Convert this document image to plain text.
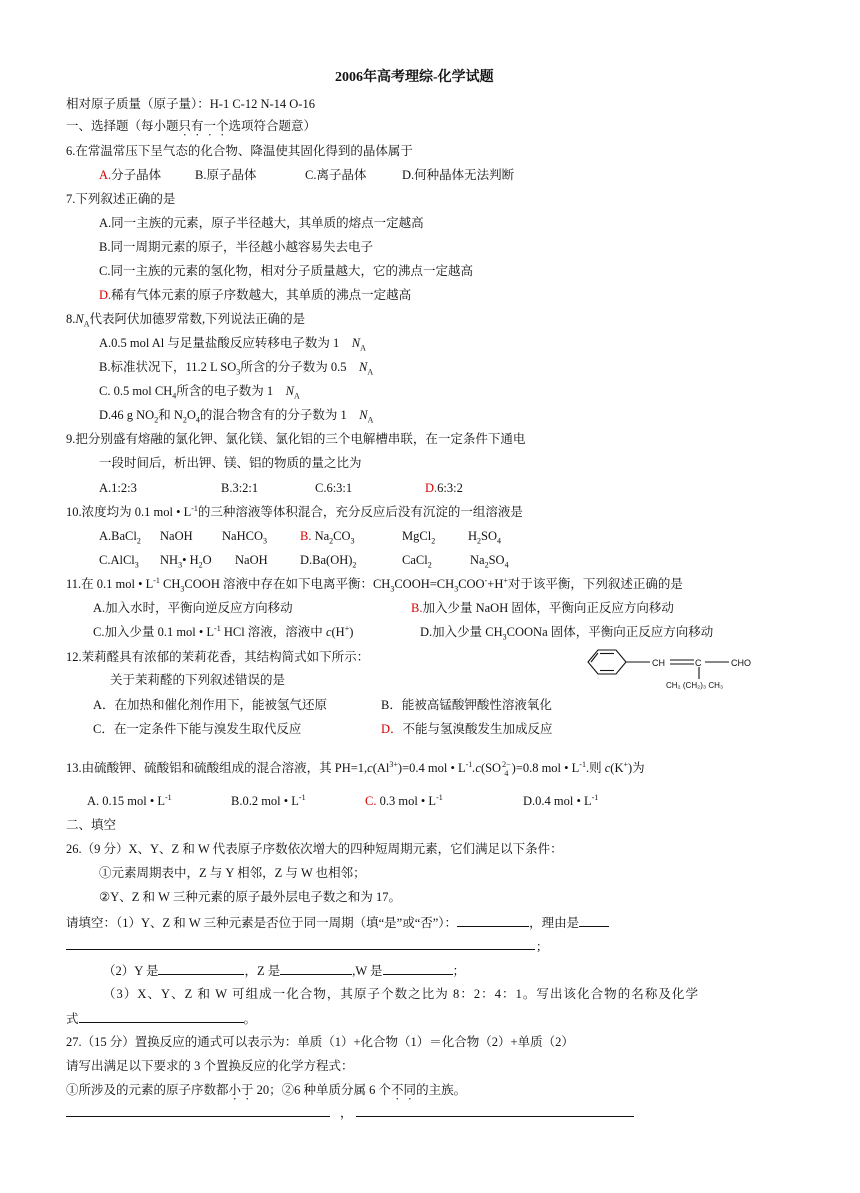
2006年高考理综-化学试题
相对原子质量（原子量）：H-1 C-12 N-14 O-16
一、选择题（每小题只有一个选项符合题意）
6.在常温常压下呈气态的化合物、降温使其固化得到的晶体属于
A.分子晶体	B.原子晶体	C.离子晶体	D.何种晶体无法判断
7.下列叙述正确的是
A.同一主族的元素，原子半径越大，其单质的熔点一定越高
B.同一周期元素的原子，半径越小越容易失去电子
C.同一主族的元素的氢化物，相对分子质量越大，它的沸点一定越高
D.稀有气体元素的原子序数越大，其单质的沸点一定越高
$8.N_A$代表阿伏加德罗常数,下列说法正确的是
A.0.5 mol Al 与足量盐酸反应转移电子数为 1 $N_A$
B.标准状况下，11.2 L $SO_3$所含的分子数为 0.5 $N_A$
C. 0.5 mol $CH_4$所含的电子数为 1 $N_A$
D.46 g $NO_2$和 $N_2O_4$的混合物含有的分子数为 1 $N_A$
9.把分别盛有熔融的氯化钾、氯化镁、氯化铝的三个电解槽串联，在一定条件下通电
一段时间后，析出钾、镁、铝的物质的量之比为
A.1:2:3	B.3:2:1	C.6:3:1	D.6:3:2
10.浓度均为 0.1 mol • $L^{-1}$的三种溶液等体积混合，充分反应后没有沉淀的一组溶液是
A.BaCl$_2$ NaOH NaHCO$_3$	B. $Na_2CO_3$	MgCl$_2$	$H_2SO_4$
C.AlCl$_3$ $NH_3•$ $H_2O$ NaOH	$D.Ba(OH)_2$	CaCl$_2$	$Na_2SO_4$
11.在 0.1 mol • $L^{-1}$ $CH_3COOH$ 溶液中存在如下电离平衡：$CH_3COOH=CH_3COO^-+H^+$对于该平衡，下列叙述正确的是
A.加入水时，平衡向逆反应方向移动	B.加入少量 NaOH 固体，平衡向正反应方向移动
C.加入少量 0.1 mol • $L^{-1}$ HCl 溶液，溶液中 c(H+)	D.加入少量 $CH_3COONa$ 固体，平衡向正反应方向移动
12.茉莉醛具有浓郁的茉莉花香，其结构简式如下所示：
关于茉莉醛的下列叙述错误的是
CH	C	CHO
CH₂ (CH₂)₃ CH₃
A．在加热和催化剂作用下，能被氢气还原	B．能被高锰酸钾酸性溶液氧化
C．在一定条件下能与溴发生取代反应	D．不能与氢溴酸发生加成反应
13.由硫酸钾、硫酸铝和硫酸组成的混合溶液，其 $PH=1,c(Al^{3+})=0.4$ mol • $L^{-1}.c(SO2-$
4 )=0.8 mol • $L^{-1}$.则 c(K+)为
A. 0.15 mol • $L^{-1}$	B.0.2 mol • $L^{-1}$	C. 0.3 mol • $L^{-1}$	D.0.4 mol • $L^{-1}$
二、填空
26.（9 分）X、Y、Z 和 W 代表原子序数依次增大的四种短周期元素，它们满足以下条件：
①元素周期表中，Z 与 Y 相邻，Z 与 W 也相邻；
②Y、Z 和 W 三种元素的原子最外层电子数之和为 17。
请填空：（1）Y、Z 和 W 三种元素是否位于同一周期（填“是”或“否”）：	，理由是
;
（2）Y 是	，Z 是	,W 是	；
（3）X、Y、Z 和 W 可组成一化合物，其原子个数之比为 8：2：4：1。写出该化合物的名称及化学
式	。
27.（15 分）置换反应的通式可以表示为：单质（1）+化合物（1）＝化合物（2）+单质（2）
请写出满足以下要求的 3 个置换反应的化学方程式：
①所涉及的元素的原子序数都小于 20；②6 种单质分属 6 个不同的主族。
，
